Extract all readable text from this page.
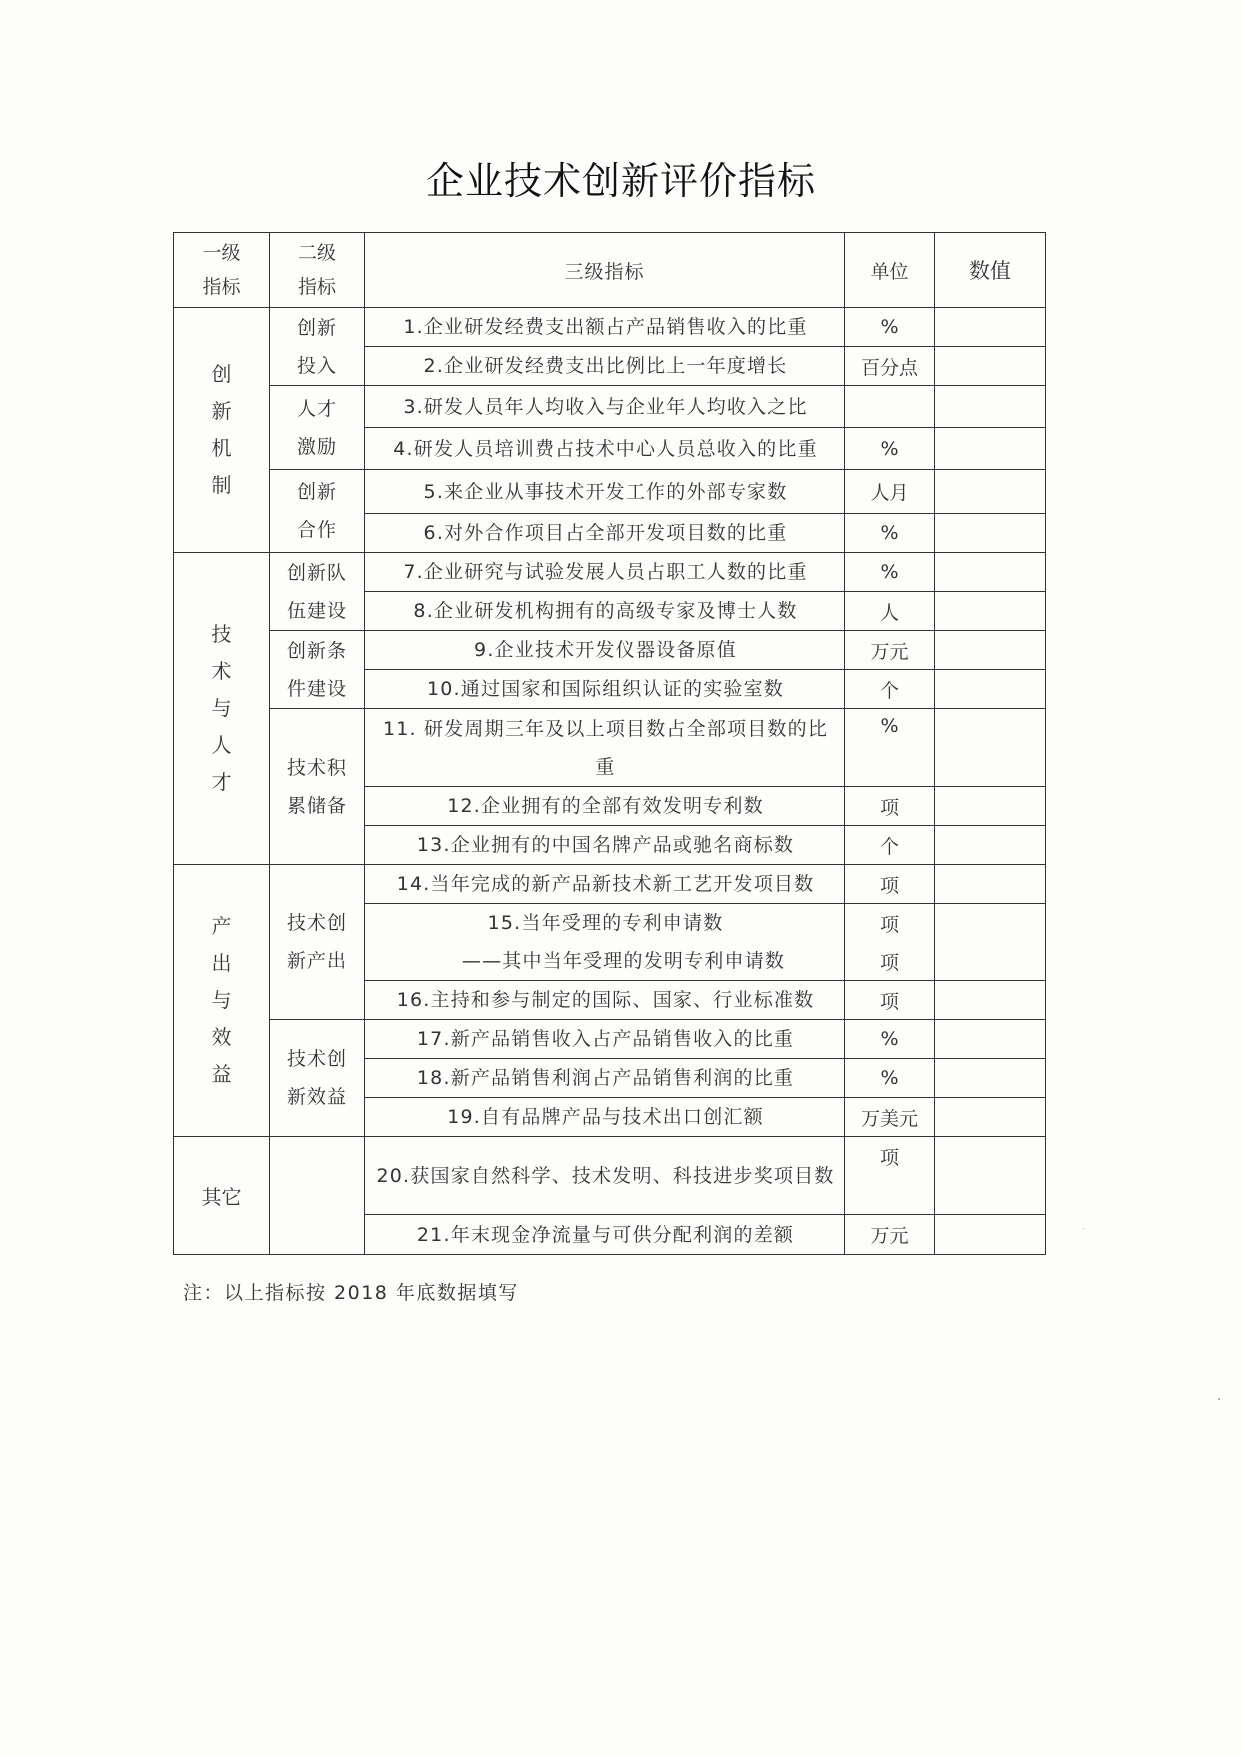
企业技术创新评价指标
一级指标	二级指标	三级指标	单位	数值

创
新
机
制	创新投入	1.企业研发经费支出额占产品销售收入的比重	%	
		2.企业研发经费支出比例比上一年度增长	百分点	

	人才激励	3.研发人员年人均收入与企业年人均收入之比		
		4.研发人员培训费占技术中心人员总收入的比重	%	

	创新合作	5.来企业从事技术开发工作的外部专家数	人月	
		6.对外合作项目占全部开发项目数的比重	%	

技
术
与
人
才	创新队伍建设	7.企业研究与试验发展人员占职工人数的比重	%	
		8.企业研发机构拥有的高级专家及博士人数	人	

	创新条件建设	9.企业技术开发仪器设备原值	万元	
		10.通过国家和国际组织认证的实验室数	个	

	技术积累储备	11. 研发周期三年及以上项目数占全部项目数的比重	%	
		12.企业拥有的全部有效发明专利数	项	
		13.企业拥有的中国名牌产品或驰名商标数	个	

产
出
与
效
益	技术创新产出	14.当年完成的新产品新技术新工艺开发项目数	项	
		15.当年受理的专利申请数	项	
		——其中当年受理的发明专利申请数	项	
		16.主持和参与制定的国际、国家、行业标准数	项	

	技术创新效益	17.新产品销售收入占产品销售收入的比重	%	
		18.新产品销售利润占产品销售利润的比重	%	
		19.自有品牌产品与技术出口创汇额	万美元	
其它		20.获国家自然科学、技术发明、科技进步奖项目数	项	
		21.年末现金净流量与可供分配利润的差额	万元	
注：以上指标按 2018 年底数据填写
